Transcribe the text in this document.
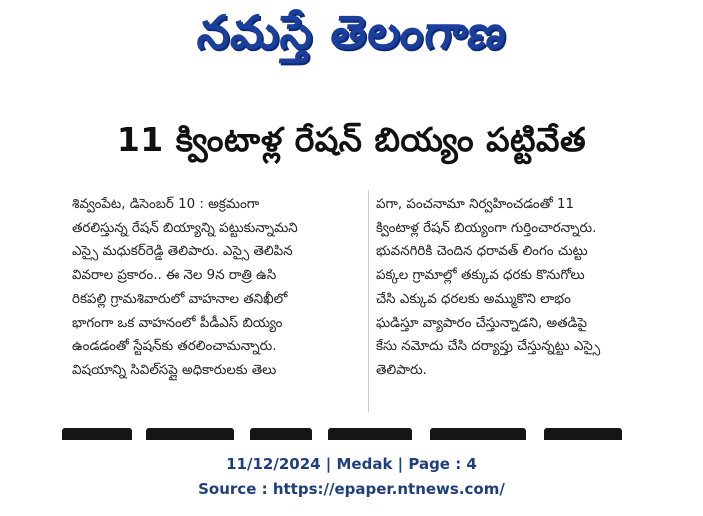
నమస్తే తెలంగాణ
11 క్వింటాళ్ల రేషన్ బియ్యం పట్టివేత
శివ్వంపేట, డిసెంబర్ 10 : అక్రమంగా
తరలిస్తున్న రేషన్ బియ్యాన్ని పట్టుకున్నామని
ఎస్సై మధుకర్‌రెడ్డి తెలిపారు. ఎస్సై తెలిపిన
వివరాల ప్రకారం.. ఈ నెల 9న రాత్రి ఉసి
రికపల్లి గ్రామశివారులో వాహనాల తనిఖీలో
భాగంగా ఒక వాహనంలో పీడీఎస్ బియ్యం
ఉండడంతో స్టేషన్‌కు తరలించామన్నారు.
విషయాన్ని సివిల్‌సప్లై అధికారులకు తెలు
పగా, పంచనామా నిర్వహించడంతో 11
క్వింటాళ్ల రేషన్ బియ్యంగా గుర్తించారన్నారు.
భువనగిరికి చెందిన ధరావత్ లింగం చుట్టు
పక్కల గ్రామాల్లో తక్కువ ధరకు కొనుగోలు
చేసి ఎక్కువ ధరలకు అమ్ముకొని లాభం
ఘడిస్తూ వ్యాపారం చేస్తున్నాడని, అతడిపై
కేసు నమోదు చేసి దర్యాప్తు చేస్తున్నట్టు ఎస్సై
తెలిపారు.
11/12/2024 | Medak | Page : 4
Source : https://epaper.ntnews.com/
